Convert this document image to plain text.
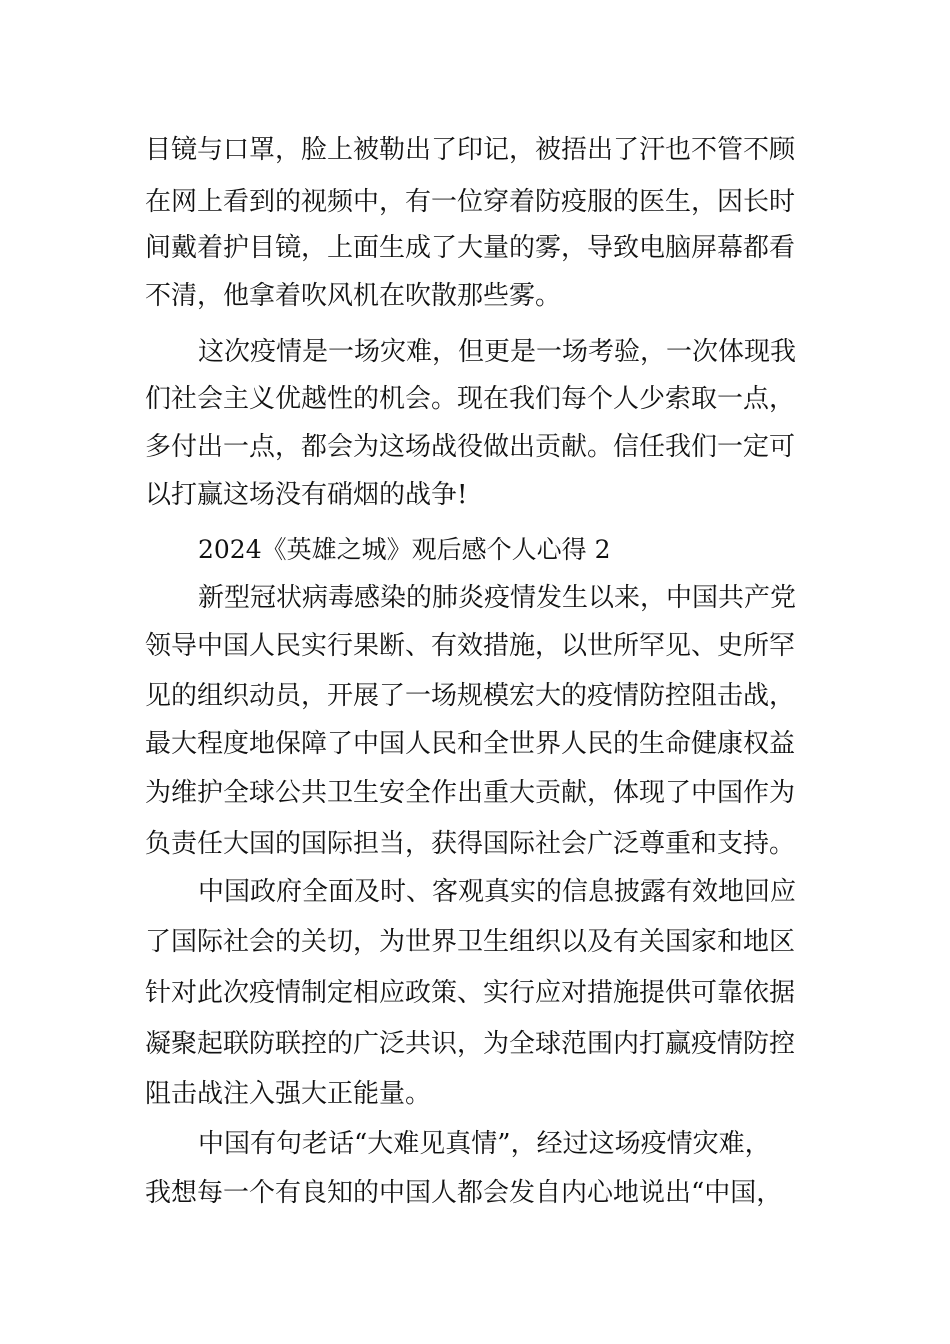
目镜与口罩，脸上被勒出了印记，被捂出了汗也不管不顾
在网上看到的视频中，有一位穿着防疫服的医生，因长时
间戴着护目镜，上面生成了大量的雾，导致电脑屏幕都看
不清，他拿着吹风机在吹散那些雾。
这次疫情是一场灾难，但更是一场考验，一次体现我
们社会主义优越性的机会。现在我们每个人少索取一点，
多付出一点，都会为这场战役做出贡献。信任我们一定可
以打赢这场没有硝烟的战争!
2024《英雄之城》观后感个人心得 2
新型冠状病毒感染的肺炎疫情发生以来，中国共产党
领导中国人民实行果断、有效措施，以世所罕见、史所罕
见的组织动员，开展了一场规模宏大的疫情防控阻击战，
最大程度地保障了中国人民和全世界人民的生命健康权益
为维护全球公共卫生安全作出重大贡献，体现了中国作为
负责任大国的国际担当，获得国际社会广泛尊重和支持。
中国政府全面及时、客观真实的信息披露有效地回应
了国际社会的关切，为世界卫生组织以及有关国家和地区
针对此次疫情制定相应政策、实行应对措施提供可靠依据
凝聚起联防联控的广泛共识，为全球范围内打赢疫情防控
阻击战注入强大正能量。
中国有句老话“大难见真情”，经过这场疫情灾难，
我想每一个有良知的中国人都会发自内心地说出“中国，
